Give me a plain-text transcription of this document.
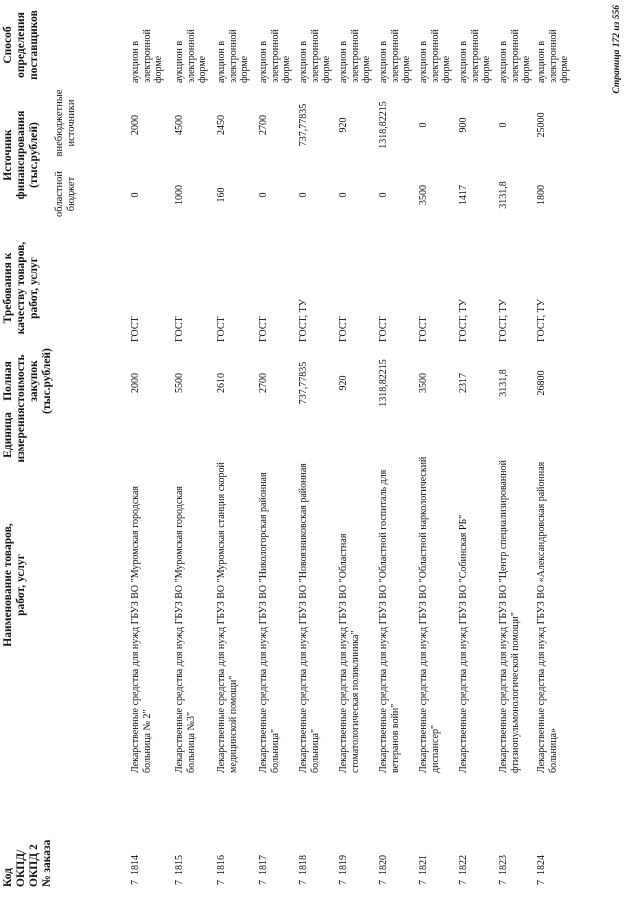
Код ОКПД/ ОКПД 2 № заказа
Наименование товаров, работ, услуг
Единица измерения
Полная стоимость закупок (тыс.рублей)
Требования к качеству товаров, работ, услуг
Источник финансирования (тыс.рублей)
областной бюджет
внебюджетные источники
Способ определения поставщиков
7  1814
Лекарственные средства для нужд ГБУЗ ВО "Муромская городская больница № 2"
2000
ГОСТ
0
2000
аукцион в электронной форме
7  1815
Лекарственные средства для нужд ГБУЗ ВО "Муромская городская больница №3"
5500
ГОСТ
1000
4500
аукцион в электронной форме
7  1816
Лекарственные средства для нужд ГБУЗ ВО "Муромская станция скорой медицинской помощи"
2610
ГОСТ
160
2450
аукцион в электронной форме
7  1817
Лекарственные средства для нужд ГБУЗ ВО "Никологорская районная больница"
2700
ГОСТ
0
2700
аукцион в электронной форме
7  1818
Лекарственные средства для нужд ГБУЗ ВО "Новоязниковская районная больница"
737,77835
ГОСТ, ТУ
0
737,77835
аукцион в электронной форме
7  1819
Лекарственные средства для нужд ГБУЗ ВО "Областная стоматологическая поликлиника"
920
ГОСТ
0
920
аукцион в электронной форме
7  1820
Лекарственные средства для нужд ГБУЗ ВО "Областной госпиталь для ветеранов войн"
1318,82215
ГОСТ
0
1318,82215
аукцион в электронной форме
7  1821
Лекарственные средства для нужд ГБУЗ ВО "Областной наркологический диспансер"
3500
ГОСТ
3500
0
аукцион в электронной форме
7  1822
Лекарственные средства для нужд ГБУЗ ВО "Собинская РБ"
2317
ГОСТ, ТУ
1417
900
аукцион в электронной форме
7  1823
Лекарственные средства для нужд ГБУЗ ВО "Центр специализированной фтизиопульмонологической помощи"
3131,8
ГОСТ, ТУ
3131,8
0
аукцион в электронной форме
7  1824
Лекарственные средства для нужд ГБУЗ ВО «Александровская районная больница»
26800
ГОСТ, ТУ
1800
25000
аукцион в электронной форме	Страница 172 из 556
